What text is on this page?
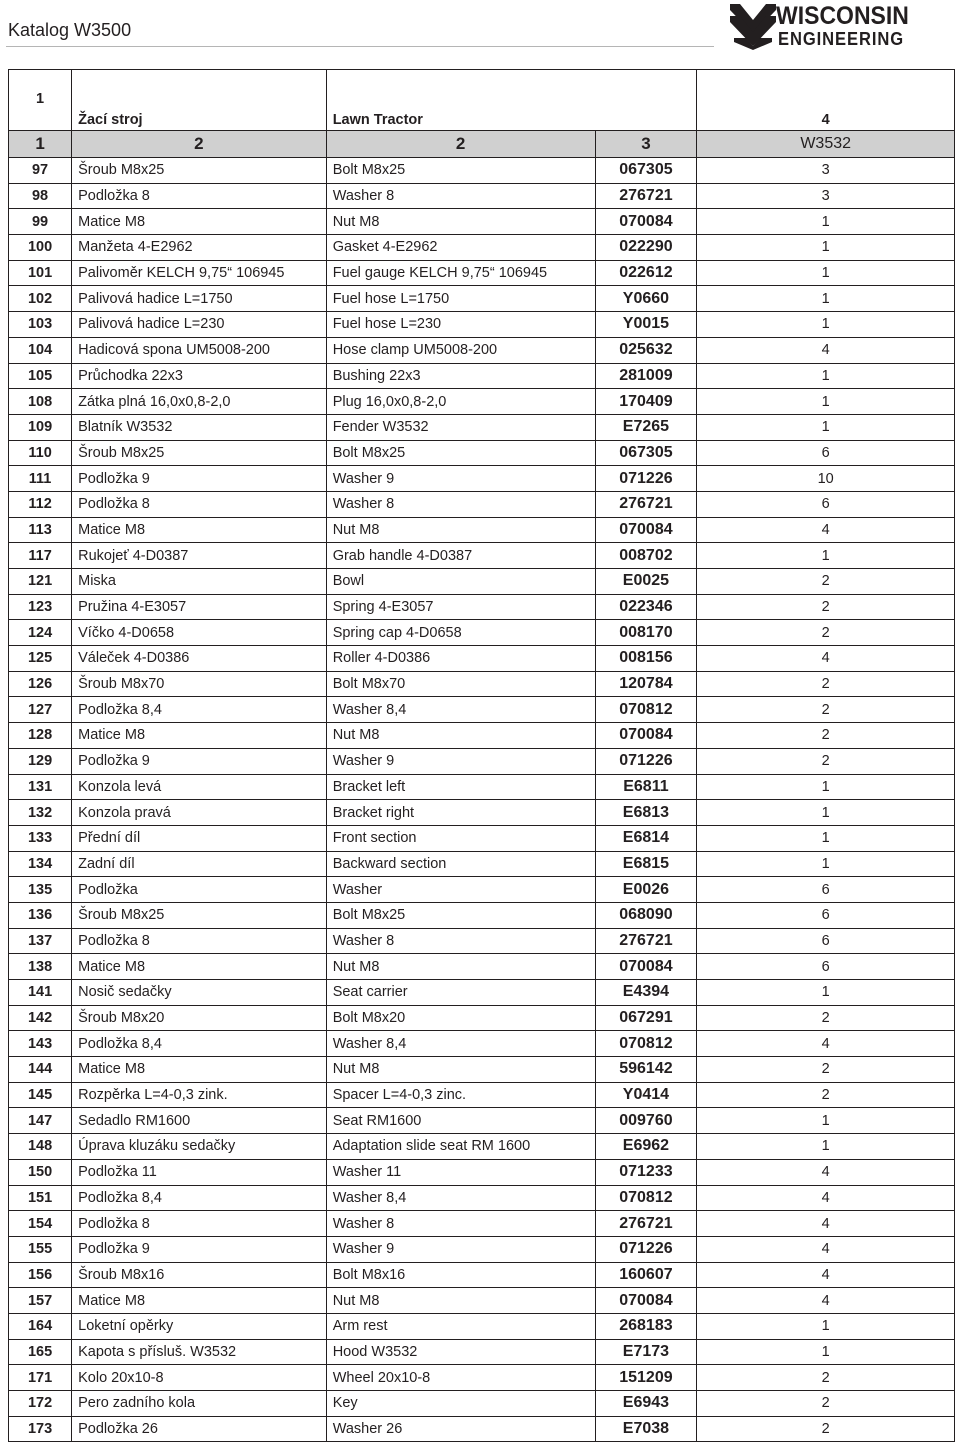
Katalog W3500	WISCONSIN
ENGINEERING
1	Žací stroj	Lawn Tractor		4
1	2	2	3	W3532
97	Šroub M8x25	Bolt M8x25	067305	3
98	Podložka 8	Washer 8	276721	3
99	Matice M8	Nut M8	070084	1
100	Manžeta 4-E2962	Gasket 4-E2962	022290	1
101	Palivoměr KELCH 9,75“ 106945	Fuel gauge KELCH 9,75“ 106945	022612	1
102	Palivová hadice L=1750	Fuel hose L=1750	Y0660	1
103	Palivová hadice L=230	Fuel hose L=230	Y0015	1
104	Hadicová spona UM5008-200	Hose clamp UM5008-200	025632	4
105	Průchodka 22x3	Bushing 22x3	281009	1
108	Zátka plná 16,0x0,8-2,0	Plug 16,0x0,8-2,0	170409	1
109	Blatník W3532	Fender W3532	E7265	1
110	Šroub M8x25	Bolt M8x25	067305	6
111	Podložka 9	Washer 9	071226	10
112	Podložka 8	Washer 8	276721	6
113	Matice M8	Nut M8	070084	4
117	Rukojeť 4-D0387	Grab handle 4-D0387	008702	1
121	Miska	Bowl	E0025	2
123	Pružina 4-E3057	Spring 4-E3057	022346	2
124	Víčko 4-D0658	Spring cap 4-D0658	008170	2
125	Váleček 4-D0386	Roller 4-D0386	008156	4
126	Šroub M8x70	Bolt M8x70	120784	2
127	Podložka 8,4	Washer 8,4	070812	2
128	Matice M8	Nut M8	070084	2
129	Podložka 9	Washer 9	071226	2
131	Konzola levá	Bracket left	E6811	1
132	Konzola pravá	Bracket right	E6813	1
133	Přední díl	Front section	E6814	1
134	Zadní díl	Backward section	E6815	1
135	Podložka	Washer	E0026	6
136	Šroub M8x25	Bolt M8x25	068090	6
137	Podložka 8	Washer 8	276721	6
138	Matice M8	Nut M8	070084	6
141	Nosič sedačky	Seat carrier	E4394	1
142	Šroub M8x20	Bolt M8x20	067291	2
143	Podložka 8,4	Washer 8,4	070812	4
144	Matice M8	Nut M8	596142	2
145	Rozpěrka L=4-0,3 zink.	Spacer L=4-0,3 zinc.	Y0414	2
147	Sedadlo RM1600	Seat RM1600	009760	1
148	Úprava kluzáku sedačky	Adaptation slide seat RM 1600	E6962	1
150	Podložka 11	Washer 11	071233	4
151	Podložka 8,4	Washer 8,4	070812	4
154	Podložka 8	Washer 8	276721	4
155	Podložka 9	Washer 9	071226	4
156	Šroub M8x16	Bolt M8x16	160607	4
157	Matice M8	Nut M8	070084	4
164	Loketní opěrky	Arm rest	268183	1
165	Kapota s přísluš. W3532	Hood W3532	E7173	1
171	Kolo 20x10-8	Wheel 20x10-8	151209	2
172	Pero zadního kola	Key	E6943	2
173	Podložka 26	Washer 26	E7038	2
